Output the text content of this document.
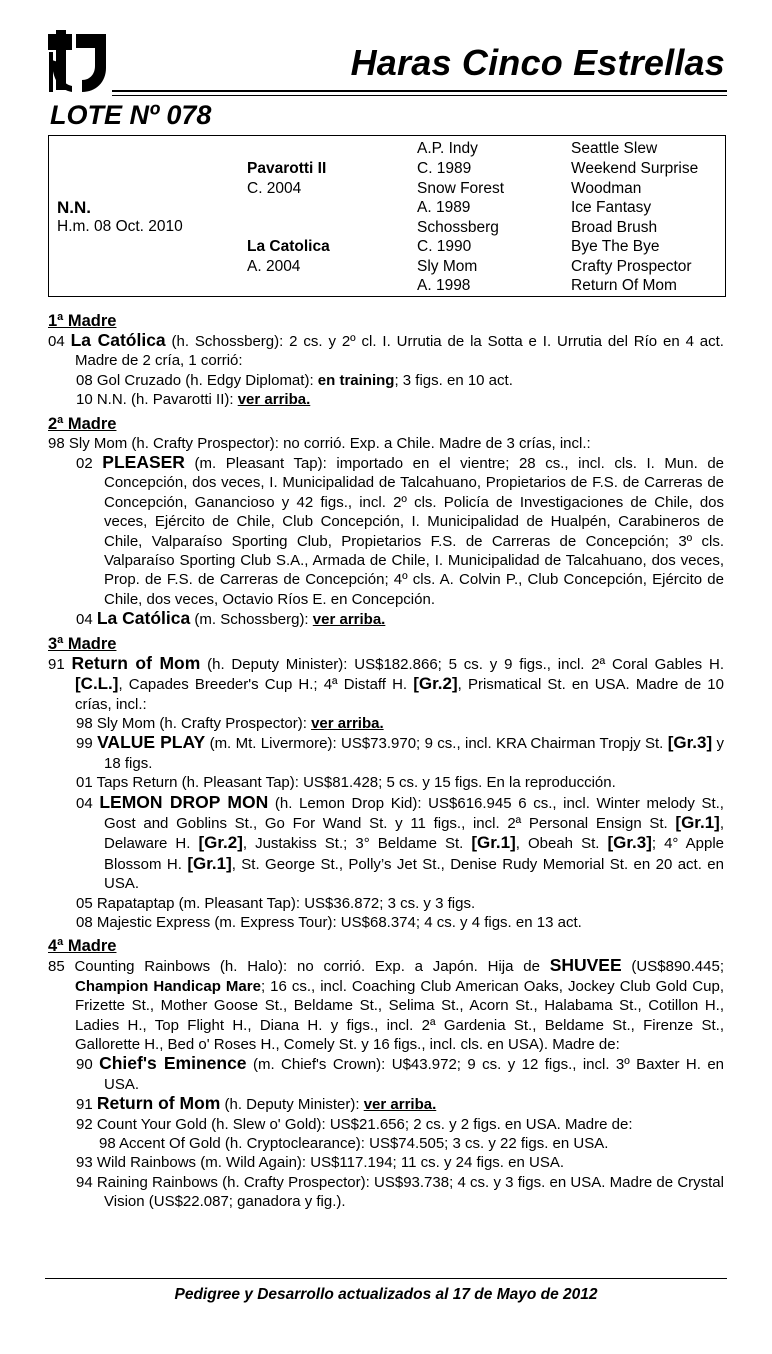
Haras Cinco Estrellas
LOTE Nº 078
N.N.
H.m. 08 Oct. 2010
Pavarotti II
C. 2004
La Catolica
A. 2004
A.P. Indy
C. 1989
Snow Forest
A. 1989
Schossberg
C. 1990
Sly Mom
A. 1998
Seattle Slew
Weekend Surprise
Woodman
Ice Fantasy
Broad Brush
Bye The Bye
Crafty Prospector
Return Of Mom
1ª Madre
04 La Católica (h. Schossberg): 2 cs. y 2º cl. I. Urrutia de la Sotta e I. Urrutia del Río en 4 act. Madre de 2 cría, 1 corrió:
08 Gol Cruzado (h. Edgy Diplomat): en training; 3 figs. en 10 act.
10 N.N. (h. Pavarotti II): ver arriba.
2ª Madre
98 Sly Mom (h. Crafty Prospector): no corrió. Exp. a Chile. Madre de 3 crías, incl.:
02 PLEASER (m. Pleasant Tap): importado en el vientre; 28 cs., incl. cls. I. Mun. de Concepción, dos veces, I. Municipalidad de Talcahuano, Propietarios de F.S. de Carreras de Concepción, Ganancioso y 42 figs., incl. 2º cls. Policía de Investigaciones de Chile, dos veces, Ejército de Chile, Club Concepción, I. Municipalidad de Hualpén, Carabineros de Chile, Valparaíso Sporting Club, Propietarios F.S. de Carreras de Concepción; 3º cls. Valparaíso Sporting Club S.A., Armada de Chile, I. Municipalidad de Talcahuano, dos veces, Prop. de F.S. de Carreras de Concepción; 4º cls. A. Colvin P., Club Concepción, Ejército de Chile, dos veces, Octavio Ríos E. en Concepción.
04 La Católica (m. Schossberg): ver arriba.
3ª Madre
91 Return of Mom (h. Deputy Minister): US$182.866; 5 cs. y 9 figs., incl. 2ª Coral Gables H. [C.L.], Capades Breeder's Cup H.; 4ª Distaff H. [Gr.2], Prismatical St. en USA. Madre de 10 crías, incl.:
98 Sly Mom (h. Crafty Prospector): ver arriba.
99 VALUE PLAY (m. Mt. Livermore): US$73.970; 9 cs., incl. KRA Chairman Tropjy St. [Gr.3] y 18 figs.
01 Taps Return (h. Pleasant Tap): US$81.428; 5 cs. y 15 figs. En la reproducción.
04 LEMON DROP MON (h. Lemon Drop Kid): US$616.945 6 cs., incl. Winter melody St., Gost and Goblins St., Go For Wand St. y 11 figs., incl. 2ª Personal Ensign St. [Gr.1], Delaware H. [Gr.2], Justakiss St.; 3° Beldame St. [Gr.1], Obeah St. [Gr.3]; 4° Apple Blossom H. [Gr.1], St. George St., Polly’s Jet St., Denise Rudy Memorial St. en 20 act. en USA.
05 Rapataptap (m. Pleasant Tap): US$36.872; 3 cs. y 3 figs.
08 Majestic Express (m. Express Tour): US$68.374; 4 cs. y 4 figs. en 13 act.
4ª Madre
85 Counting Rainbows (h. Halo): no corrió. Exp. a Japón. Hija de SHUVEE (US$890.445; Champion Handicap Mare; 16 cs., incl. Coaching Club American Oaks, Jockey Club Gold Cup, Frizette St., Mother Goose St., Beldame St., Selima St., Acorn St., Halabama St., Cotillon H., Ladies H., Top Flight H., Diana H. y figs., incl. 2ª Gardenia St., Beldame St., Firenze St., Gallorette H., Bed o' Roses H., Comely St. y 16 figs., incl. cls. en USA). Madre de:
90 Chief's Eminence (m. Chief's Crown): U$43.972; 9 cs. y 12 figs., incl. 3º Baxter H. en USA.
91 Return of Mom (h. Deputy Minister): ver arriba.
92 Count Your Gold (h. Slew o' Gold): US$21.656; 2 cs. y 2 figs. en USA. Madre de:
98 Accent Of Gold (h. Cryptoclearance): US$74.505; 3 cs. y 22 figs. en USA.
93 Wild Rainbows (m. Wild Again): US$117.194; 11 cs. y 24 figs. en USA.
94 Raining Rainbows (h. Crafty Prospector): US$93.738; 4 cs. y 3 figs. en USA. Madre de Crystal Vision (US$22.087; ganadora y fig.).
Pedigree y Desarrollo actualizados al 17 de Mayo de 2012
